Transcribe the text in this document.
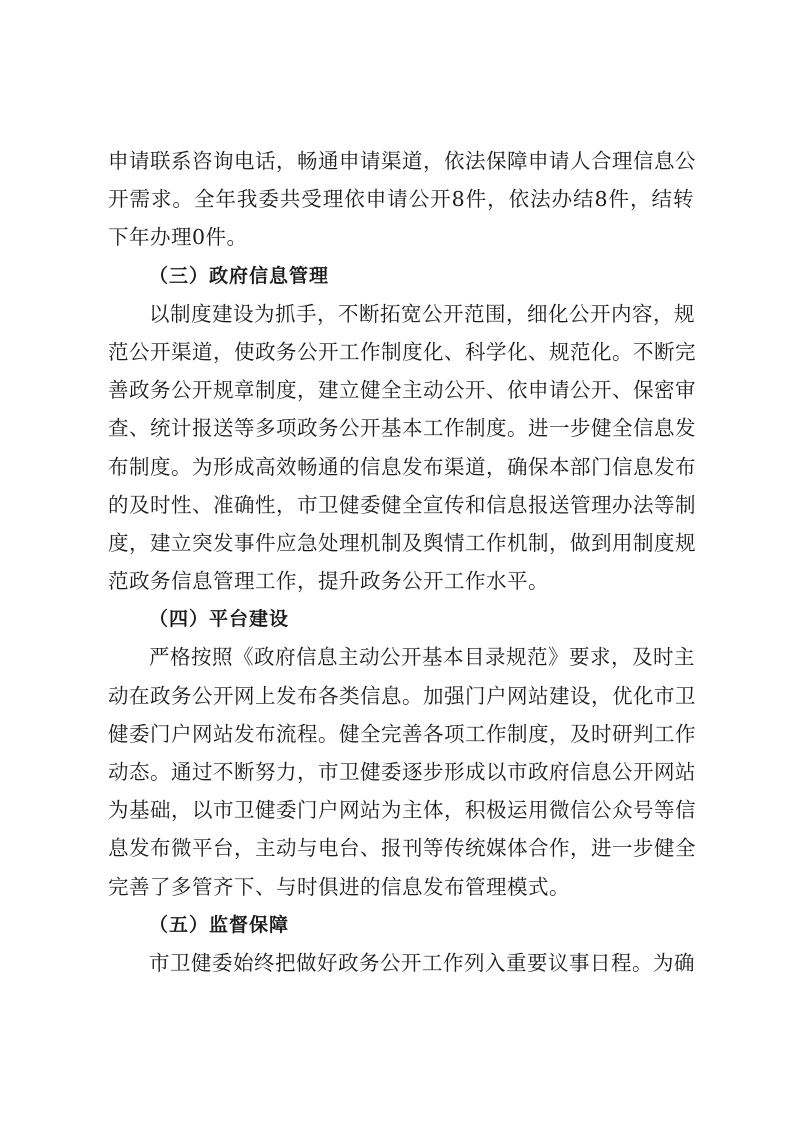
申请联系咨询电话，畅通申请渠道，依法保障申请人合理信息公
开需求。全年我委共受理依申请公开8件，依法办结8件，结转
下年办理0件。
（三）政府信息管理
以制度建设为抓手，不断拓宽公开范围，细化公开内容，规
范公开渠道，使政务公开工作制度化、科学化、规范化。不断完
善政务公开规章制度，建立健全主动公开、依申请公开、保密审
查、统计报送等多项政务公开基本工作制度。进一步健全信息发
布制度。为形成高效畅通的信息发布渠道，确保本部门信息发布
的及时性、准确性，市卫健委健全宣传和信息报送管理办法等制
度，建立突发事件应急处理机制及舆情工作机制，做到用制度规
范政务信息管理工作，提升政务公开工作水平。
（四）平台建设
严格按照《政府信息主动公开基本目录规范》要求，及时主
动在政务公开网上发布各类信息。加强门户网站建设，优化市卫
健委门户网站发布流程。健全完善各项工作制度，及时研判工作
动态。通过不断努力，市卫健委逐步形成以市政府信息公开网站
为基础，以市卫健委门户网站为主体，积极运用微信公众号等信
息发布微平台，主动与电台、报刊等传统媒体合作，进一步健全
完善了多管齐下、与时俱进的信息发布管理模式。
（五）监督保障
市卫健委始终把做好政务公开工作列入重要议事日程。为确
